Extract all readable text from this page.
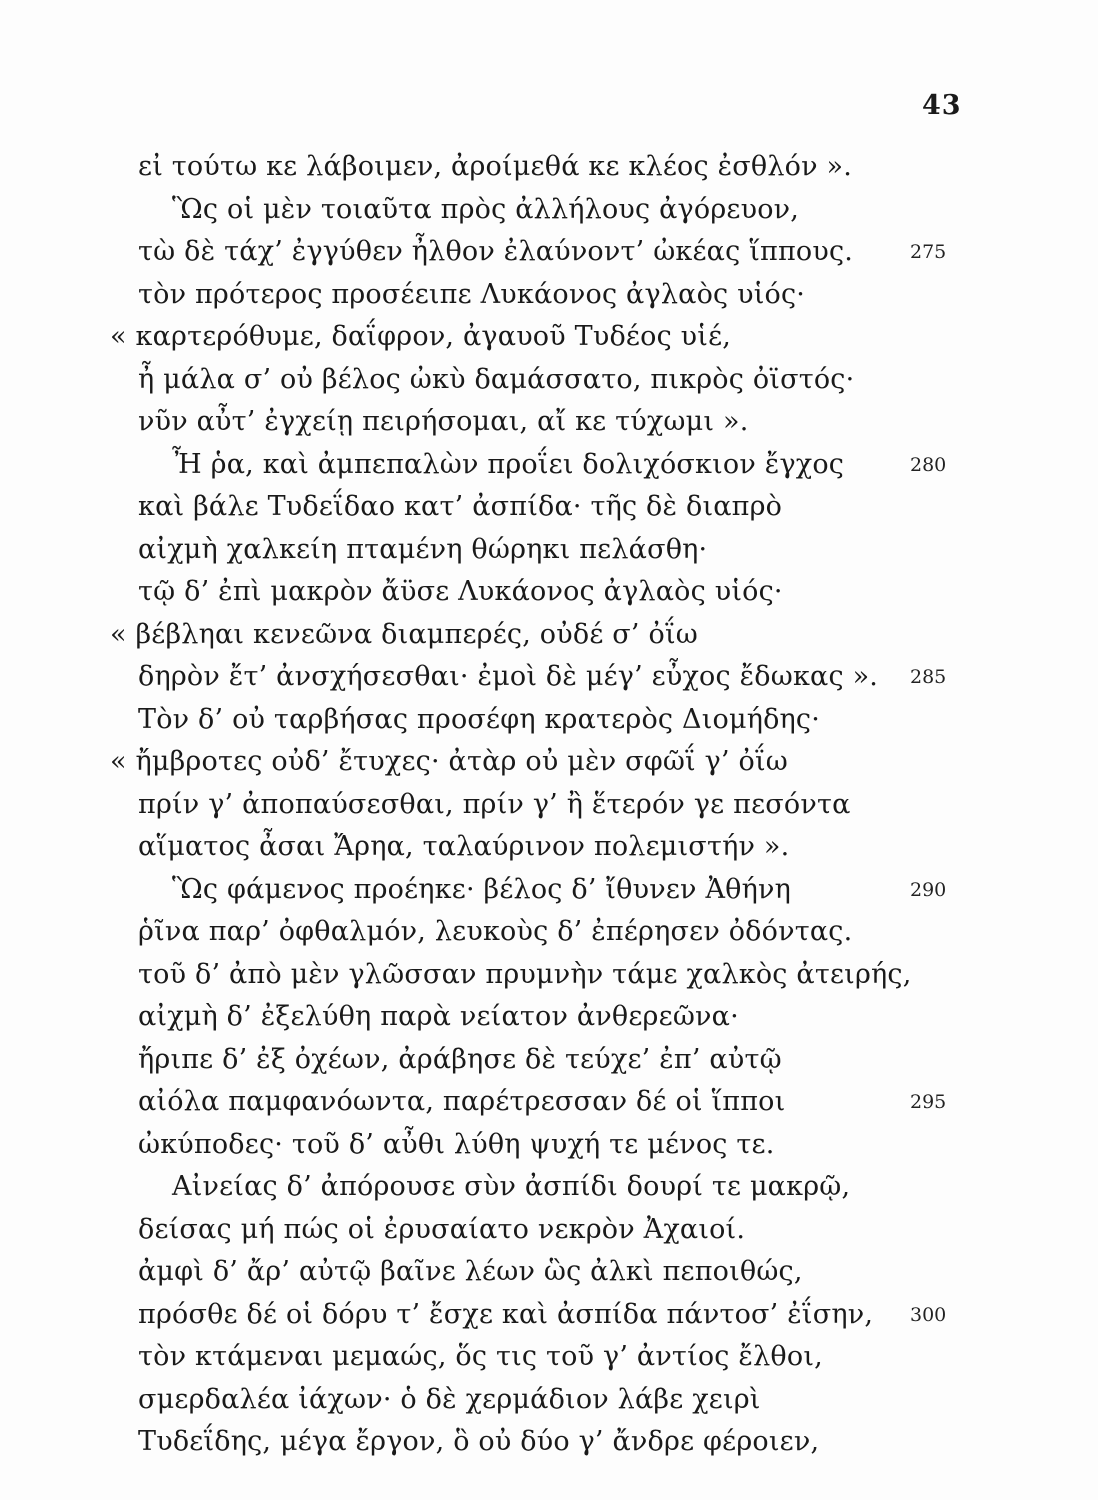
43
εἰ τούτω κε λάβοιμεν, ἀροίμεθά κε κλέος ἐσθλόν ».
Ὣς οἱ μὲν τοιαῦτα πρὸς ἀλλήλους ἀγόρευον,
τὼ δὲ τάχ’ ἐγγύθεν ἦλθον ἐλαύνοντ’ ὠκέας ἵππους.	275
τὸν πρότερος προσέειπε Λυκάονος ἀγλαὸς υἱός·
« καρτερόθυμε, δαΐφρον, ἀγαυοῦ Τυδέος υἱέ,
ἦ μάλα σ’ οὐ βέλος ὠκὺ δαμάσσατο, πικρὸς ὀϊστός·
νῦν αὖτ’ ἐγχείῃ πειρήσομαι, αἴ κε τύχωμι ».
Ἦ ῥα, καὶ ἀμπεπαλὼν προΐει δολιχόσκιον ἔγχος	280
καὶ βάλε Τυδεΐδαο κατ’ ἀσπίδα· τῆς δὲ διαπρὸ
αἰχμὴ χαλκείη πταμένη θώρηκι πελάσθη·
τῷ δ’ ἐπὶ μακρὸν ἄϋσε Λυκάονος ἀγλαὸς υἱός·
« βέβληαι κενεῶνα διαμπερές, οὐδέ σ’ ὀΐω
δηρὸν ἔτ’ ἀνσχήσεσθαι· ἐμοὶ δὲ μέγ’ εὖχος ἔδωκας ». 285
Τὸν δ’ οὐ ταρβήσας προσέφη κρατερὸς Διομήδης·
« ἤμβροτες οὐδ’ ἔτυχες· ἀτὰρ οὐ μὲν σφῶΐ γ’ ὀΐω
πρίν γ’ ἀποπαύσεσθαι, πρίν γ’ ἢ ἕτερόν γε πεσόντα
αἵματος ἆσαι Ἄρηα, ταλαύρινον πολεμιστήν ».
Ὣς φάμενος προέηκε· βέλος δ’ ἴθυνεν Ἀθήνη	290
ῥῖνα παρ’ ὀφθαλμόν, λευκοὺς δ’ ἐπέρησεν ὀδόντας.
τοῦ δ’ ἀπὸ μὲν γλῶσσαν πρυμνὴν τάμε χαλκὸς ἀτειρής,
αἰχμὴ δ’ ἐξελύθη παρὰ νείατον ἀνθερεῶνα·
ἤριπε δ’ ἐξ ὀχέων, ἀράβησε δὲ τεύχε’ ἐπ’ αὐτῷ
αἰόλα παμφανόωντα, παρέτρεσσαν δέ οἱ ἵπποι	295
ὠκύποδες· τοῦ δ’ αὖθι λύθη ψυχή τε μένος τε.
Αἰνείας δ’ ἀπόρουσε σὺν ἀσπίδι δουρί τε μακρῷ,
δείσας μή πώς οἱ ἐρυσαίατο νεκρὸν Ἀχαιοί.
ἀμφὶ δ’ ἄρ’ αὐτῷ βαῖνε λέων ὣς ἀλκὶ πεποιθώς,
πρόσθε δέ οἱ δόρυ τ’ ἔσχε καὶ ἀσπίδα πάντοσ’ ἐΐσην, 300
τὸν κτάμεναι μεμαώς, ὅς τις τοῦ γ’ ἀντίος ἔλθοι,
σμερδαλέα ἰάχων· ὁ δὲ χερμάδιον λάβε χειρὶ
Τυδεΐδης, μέγα ἔργον, ὃ οὐ δύο γ’ ἄνδρε φέροιεν,
